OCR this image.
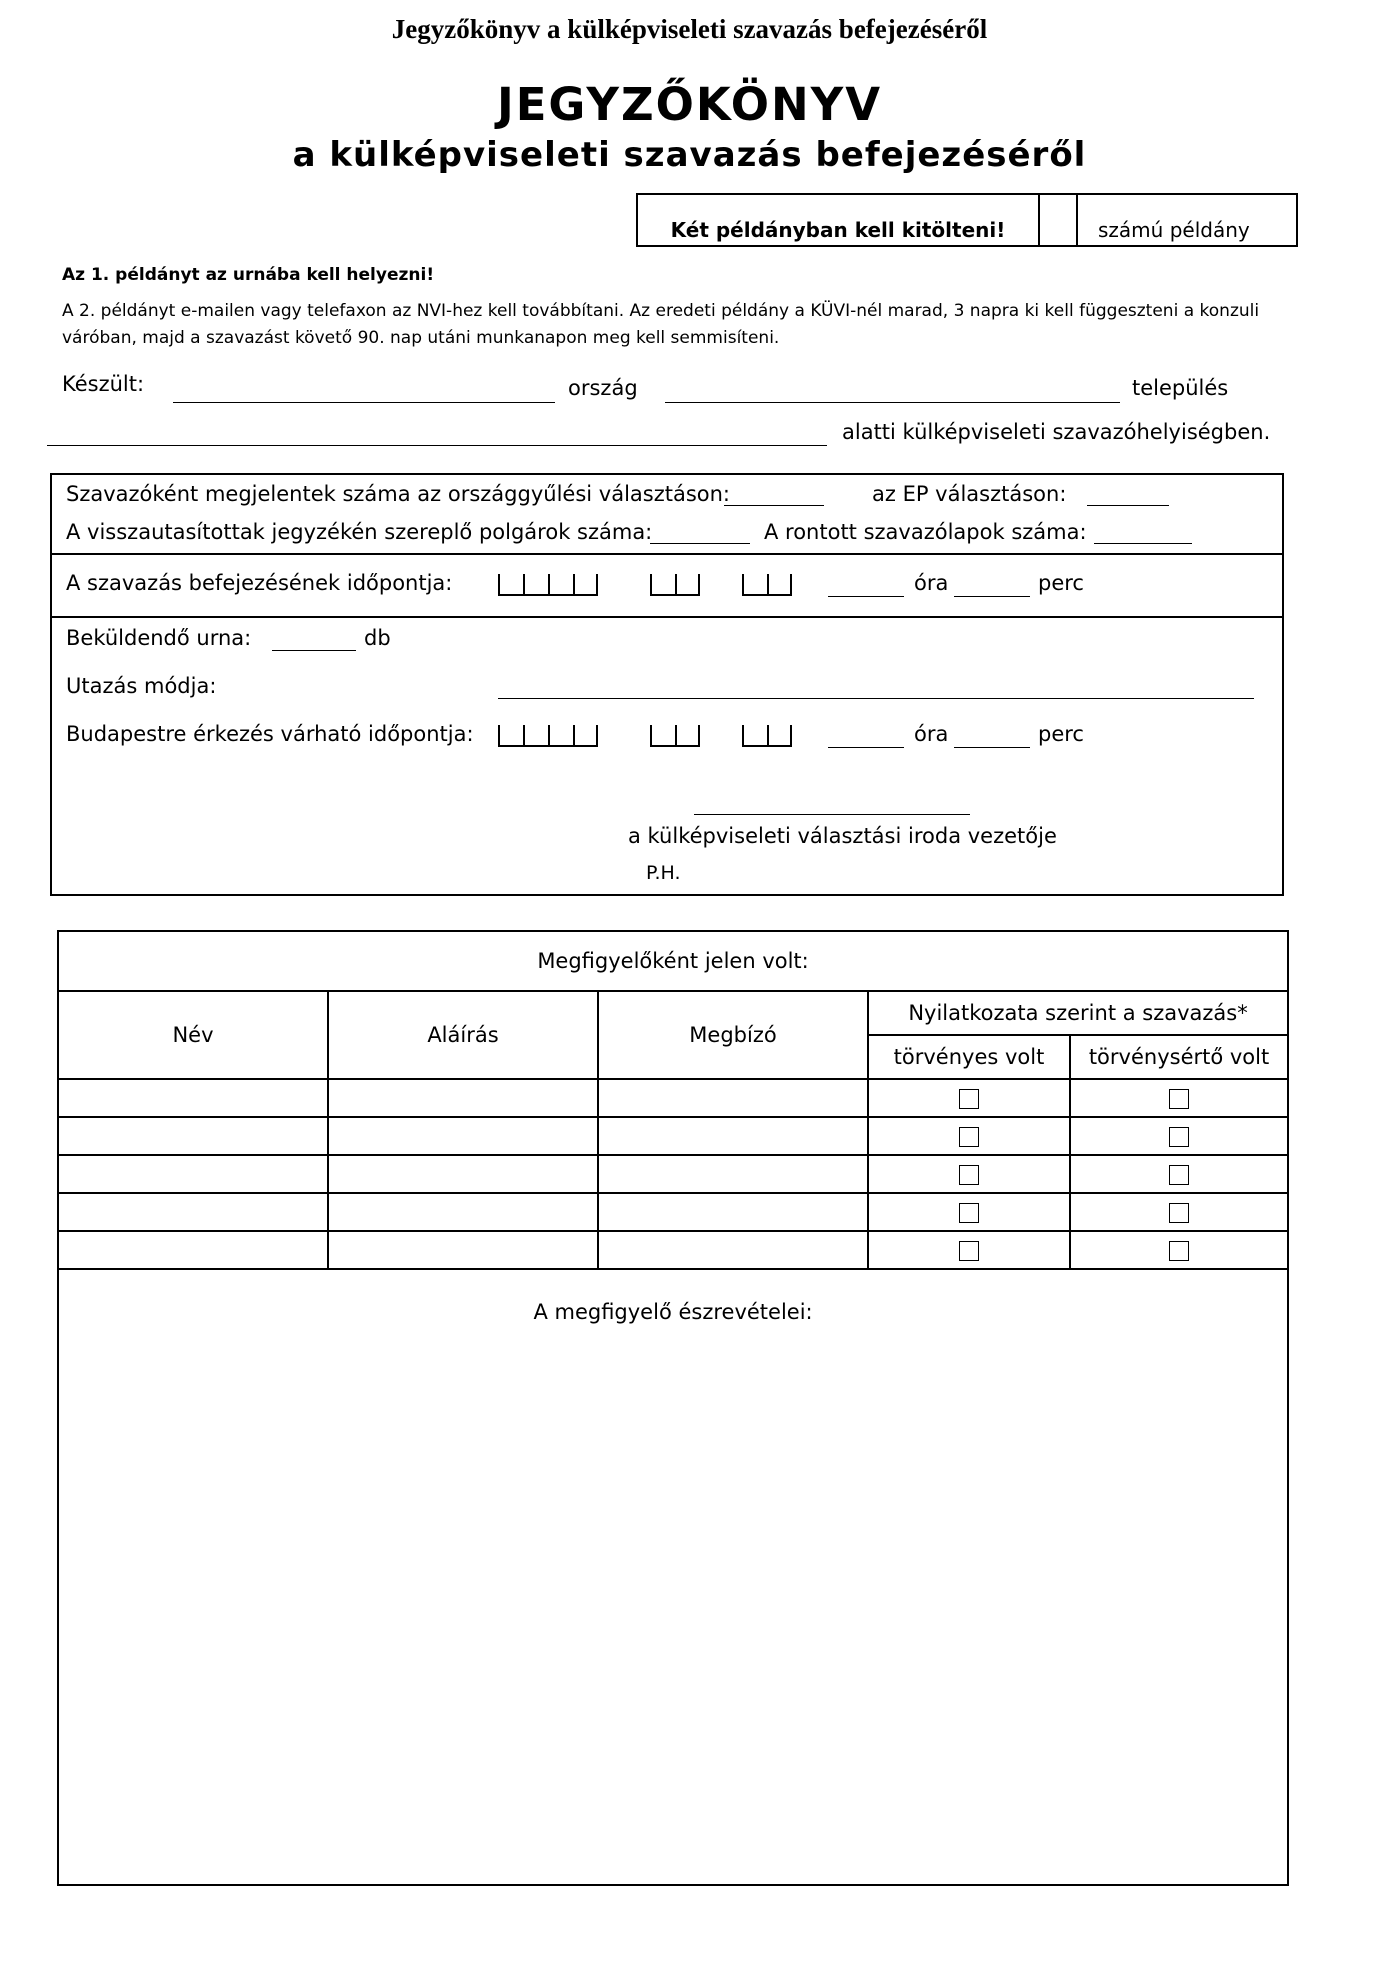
Jegyzőkönyv a külképviseleti szavazás befejezéséről
JEGYZŐKÖNYV
a külképviseleti szavazás befejezéséről
Két példányban kell kitölteni!	számú példány
Az 1. példányt az urnába kell helyezni!
A 2. példányt e-mailen vagy telefaxon az NVI-hez kell továbbítani. Az eredeti példány a KÜVI-nél marad, 3 napra ki kell függeszteni a konzuli váróban, majd a szavazást követő 90. nap utáni munkanapon meg kell semmisíteni.
Készült:	ország	település
alatti külképviseleti szavazóhelyiségben.
Szavazóként megjelentek száma az országgyűlési választáson:	az EP választáson:
A visszautasítottak jegyzékén szereplő polgárok száma:	A rontott szavazólapok száma:
A szavazás befejezésének időpontja:	óra	perc
Beküldendő urna:	db
Utazás módja:
Budapestre érkezés várható időpontja:	óra	perc
a külképviseleti választási iroda vezetője
P.H.
Megfigyelőként jelen volt:				
Név	Aláírás	Megbízó	Nyilatkozata szerint a szavazás*	
			törvényes volt	törvénysértő volt

A megfigyelő észrevételei:				
